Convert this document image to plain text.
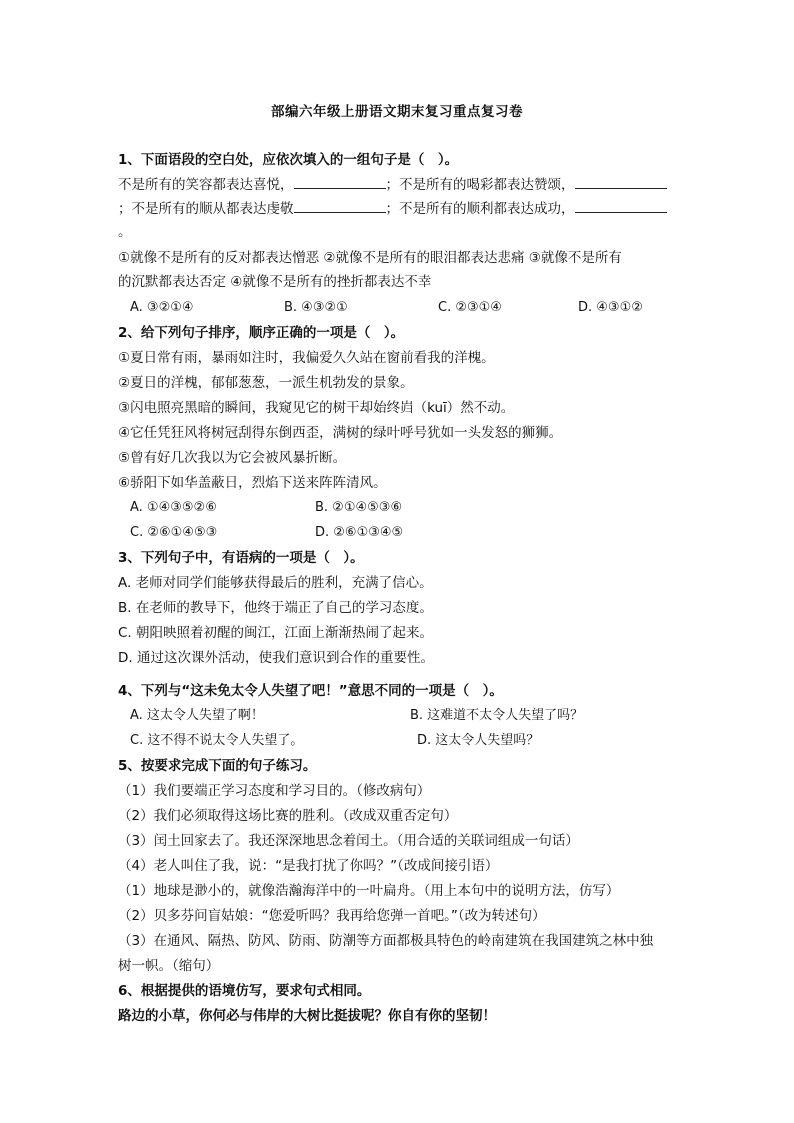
部编六年级上册语文期末复习重点复习卷
1、下面语段的空白处，应依次填入的一组句子是（　）。
不是所有的笑容都表达喜悦，	；不是所有的喝彩都表达赞颂，
；不是所有的顺从都表达虔敬	；不是所有的顺利都表达成功，
。
①就像不是所有的反对都表达憎恶 ②就像不是所有的眼泪都表达悲痛 ③就像不是所有
的沉默都表达否定 ④就像不是所有的挫折都表达不幸
A. ③②①④	B. ④③②①	C. ②③①④	D. ④③①②
2、给下列句子排序，顺序正确的一项是（　）。
①夏日常有雨，暴雨如注时，我偏爱久久站在窗前看我的洋槐。
②夏日的洋槐，郁郁葱葱，一派生机勃发的景象。
③闪电照亮黑暗的瞬间，我窥见它的树干却始终岿（kuī）然不动。
④它任凭狂风将树冠刮得东倒西歪，满树的绿叶呼号犹如一头发怒的狮狮。
⑤曾有好几次我以为它会被风暴折断。
⑥骄阳下如华盖蔽日，烈焰下送来阵阵清风。
A. ①④③⑤②⑥	B. ②①④⑤③⑥
C. ②⑥①④⑤③	D. ②⑥①③④⑤
3、下列句子中，有语病的一项是（　）。
A. 老师对同学们能够获得最后的胜利，充满了信心。
B. 在老师的教导下，他终于端正了自己的学习态度。
C. 朝阳映照着初醒的闽江，江面上渐渐热闹了起来。
D. 通过这次课外活动，使我们意识到合作的重要性。
4、下列与“这未免太令人失望了吧！”意思不同的一项是（　）。
A. 这太令人失望了啊！	B. 这难道不太令人失望了吗？
C. 这不得不说太令人失望了。	D. 这太令人失望吗？
5、按要求完成下面的句子练习。
（1）我们要端正学习态度和学习目的。（修改病句）
（2）我们必须取得这场比赛的胜利。（改成双重否定句）
（3）闰土回家去了。我还深深地思念着闰土。（用合适的关联词组成一句话）
（4）老人叫住了我，说：“是我打扰了你吗？”（改成间接引语）
（1）地球是渺小的，就像浩瀚海洋中的一叶扁舟。（用上本句中的说明方法，仿写）
（2）贝多芬问盲姑娘：“您爱听吗？我再给您弹一首吧。”（改为转述句）
（3）在通风、隔热、防风、防雨、防潮等方面都极具特色的岭南建筑在我国建筑之林中独
树一帜。（缩句）
6、根据提供的语境仿写，要求句式相同。
路边的小草，你何必与伟岸的大树比挺拔呢？你自有你的坚韧！
